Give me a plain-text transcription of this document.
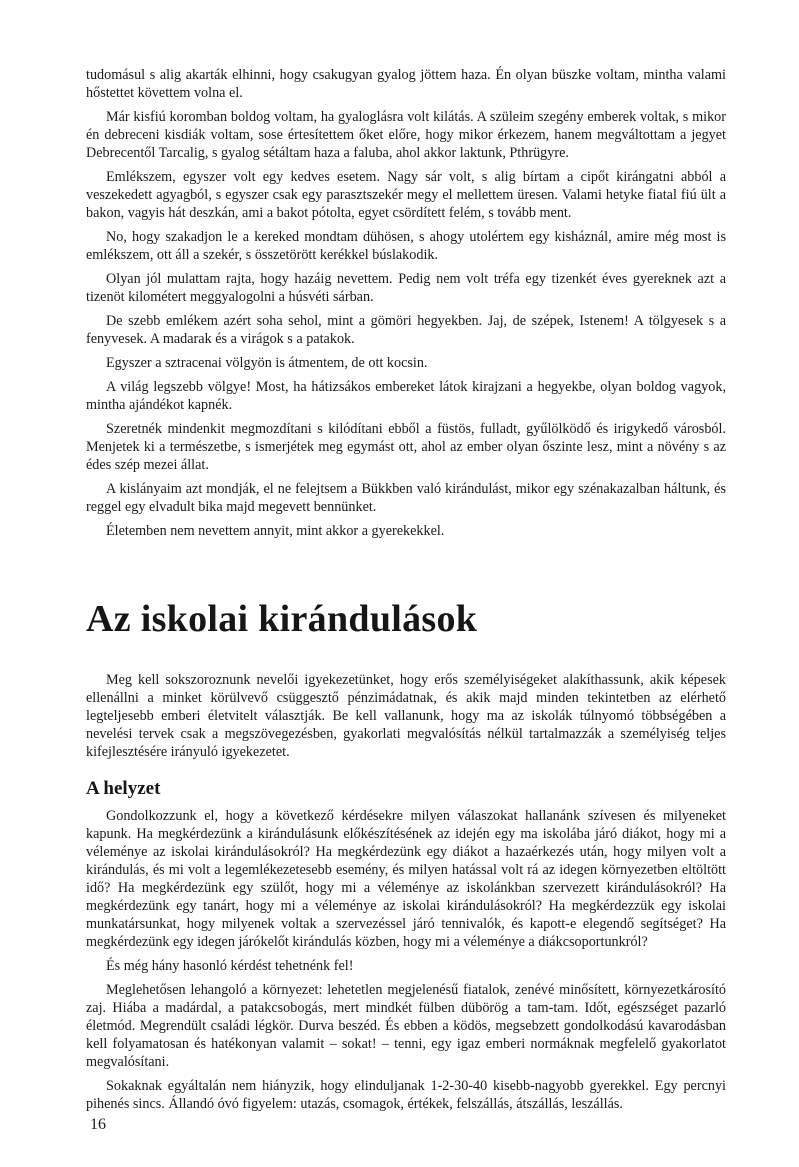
tudomásul s alig akarták elhinni, hogy csakugyan gyalog jöttem haza. Én olyan büszke voltam, mintha valami hőstettet követtem volna el.

Már kisfiú koromban boldog voltam, ha gyaloglásra volt kilátás. A szüleim szegény emberek voltak, s mikor én debreceni kisdiák voltam, sose értesítettem őket előre, hogy mikor érkezem, hanem megváltottam a jegyet Debrecentől Tarcalig, s gyalog sétáltam haza a faluba, ahol akkor laktunk, Pthrügyre.

Emlékszem, egyszer volt egy kedves esetem. Nagy sár volt, s alig bírtam a cipőt kirángatni abból a veszekedett agyagból, s egyszer csak egy parasztszekér megy el mellettem üresen. Valami hetyke fiatal fiú ült a bakon, vagyis hát deszkán, ami a bakot pótolta, egyet csördített felém, s tovább ment.

No, hogy szakadjon le a kereked mondtam dühösen, s ahogy utolértem egy kisháznál, amire még most is emlékszem, ott áll a szekér, s összetörött kerékkel búslakodik.

Olyan jól mulattam rajta, hogy hazáig nevettem. Pedig nem volt tréfa egy tizenkét éves gyereknek azt a tizenöt kilométert meggyalogolni a húsvéti sárban.

De szebb emlékem azért soha sehol, mint a gömöri hegyekben. Jaj, de szépek, Istenem! A tölgyesek s a fenyvesek. A madarak és a virágok s a patakok.

Egyszer a sztracenai völgyön is átmentem, de ott kocsin.

A világ legszebb völgye! Most, ha hátizsákos embereket látok kirajzani a hegyekbe, olyan boldog vagyok, mintha ajándékot kapnék.

Szeretnék mindenkit megmozdítani s kilódítani ebből a füstös, fulladt, gyűlölködő és irigykedő városból. Menjetek ki a természetbe, s ismerjétek meg egymást ott, ahol az ember olyan őszinte lesz, mint a növény s az édes szép mezei állat.

A kislányaim azt mondják, el ne felejtsem a Bükkben való kirándulást, mikor egy szénakazalban háltunk, és reggel egy elvadult bika majd megevett bennünket.

Életemben nem nevettem annyit, mint akkor a gyerekekkel.

Az iskolai kirándulások

Meg kell sokszoroznunk nevelői igyekezetünket, hogy erős személyiségeket alakíthassunk, akik képesek ellenállni a minket körülvevő csüggesztő pénzimádatnak, és akik majd minden tekintetben az elérhető legteljesebb emberi életvitelt választják. Be kell vallanunk, hogy ma az iskolák túlnyomó többségében a nevelési tervek csak a megszövegezésben, gyakorlati megvalósítás nélkül tartalmazzák a személyiség teljes kifejlesztésére irányuló igyekezetet.

A helyzet

Gondolkozzunk el, hogy a következő kérdésekre milyen válaszokat hallanánk szívesen és milyeneket kapunk. Ha megkérdezünk a kirándulásunk előkészítésének az idején egy ma iskolába járó diákot, hogy mi a véleménye az iskolai kirándulásokról? Ha megkérdezünk egy diákot a hazaérkezés után, hogy milyen volt a kirándulás, és mi volt a legemlékezetesebb esemény, és milyen hatással volt rá az idegen környezetben eltöltött idő? Ha megkérdezünk egy szülőt, hogy mi a véleménye az iskolánkban szervezett kirándulásokról? Ha megkérdezünk egy tanárt, hogy mi a véleménye az iskolai kirándulásokról? Ha megkérdezzük egy iskolai munkatársunkat, hogy milyenek voltak a szervezéssel járó tennivalók, és kapott-e elegendő segítséget? Ha megkérdezünk egy idegen járókelőt kirándulás közben, hogy mi a véleménye a diákcsoportunkról?

És még hány hasonló kérdést tehetnénk fel!

Meglehetősen lehangoló a környezet: lehetetlen megjelenésű fiatalok, zenévé minősített, környezetkárosító zaj. Hiába a madárdal, a patakcsobogás, mert mindkét fülben dübörög a tam-tam. Időt, egészséget pazarló életmód. Megrendült családi légkör. Durva beszéd. És ebben a ködös, megsebzett gondolkodású kavarodásban kell folyamatosan és hatékonyan valamit – sokat! – tenni, egy igaz emberi normáknak megfelelő gyakorlatot megvalósítani.

Sokaknak egyáltalán nem hiányzik, hogy elinduljanak 1-2-30-40 kisebb-nagyobb gyerekkel. Egy percnyi pihenés sincs. Állandó óvó figyelem: utazás, csomagok, értékek, felszállás, átszállás, leszállás.

16
